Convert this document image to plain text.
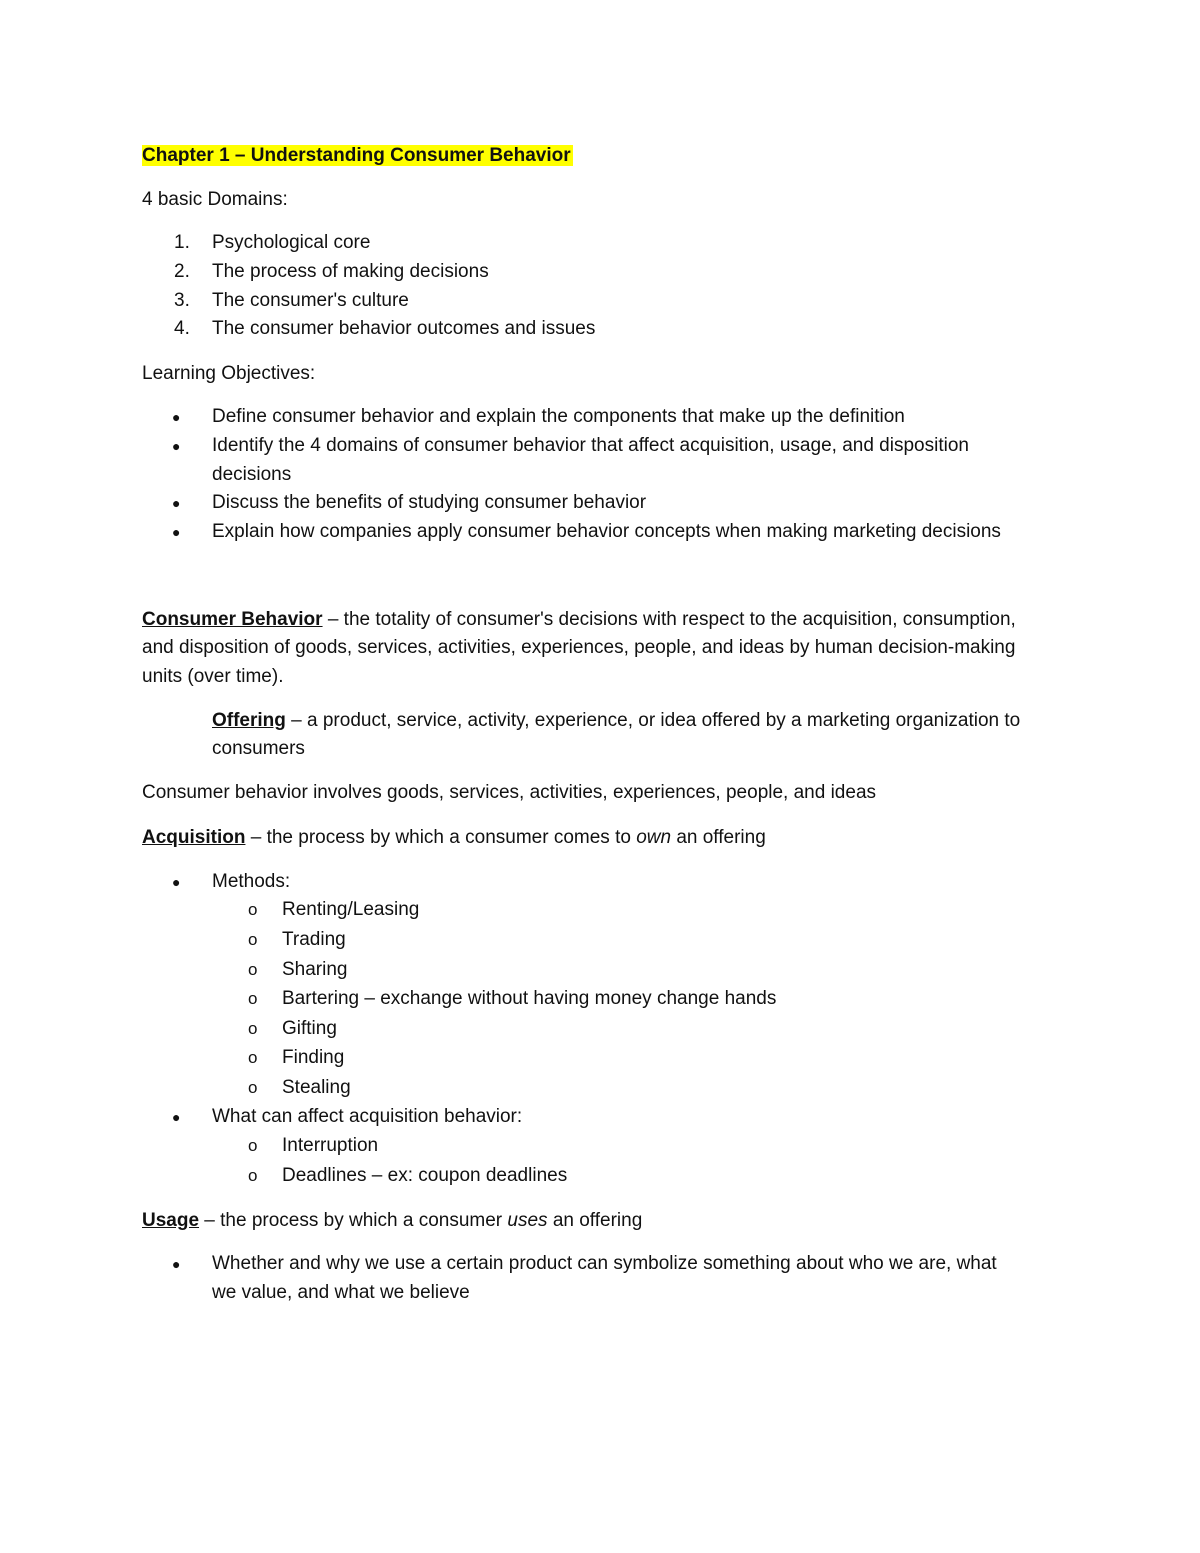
Chapter 1 – Understanding Consumer Behavior
4 basic Domains:
1.	Psychological core
2.	The process of making decisions
3.	The consumer's culture
4.	The consumer behavior outcomes and issues
Learning Objectives:
●	Define consumer behavior and explain the components that make up the definition
●	Identify the 4 domains of consumer behavior that affect acquisition, usage, and disposition
decisions
●	Discuss the benefits of studying consumer behavior
●	Explain how companies apply consumer behavior concepts when making marketing decisions
Consumer Behavior – the totality of consumer's decisions with respect to the acquisition, consumption,
and disposition of goods, services, activities, experiences, people, and ideas by human decision-making
units (over time).
Offering – a product, service, activity, experience, or idea offered by a marketing organization to
consumers
Consumer behavior involves goods, services, activities, experiences, people, and ideas
Acquisition – the process by which a consumer comes to own an offering
●	Methods:
o	Renting/Leasing
o	Trading
o	Sharing
o	Bartering – exchange without having money change hands
o	Gifting
o	Finding
o	Stealing
●	What can affect acquisition behavior:
o	Interruption
o	Deadlines – ex: coupon deadlines
Usage – the process by which a consumer uses an offering
●	Whether and why we use a certain product can symbolize something about who we are, what
we value, and what we believe
